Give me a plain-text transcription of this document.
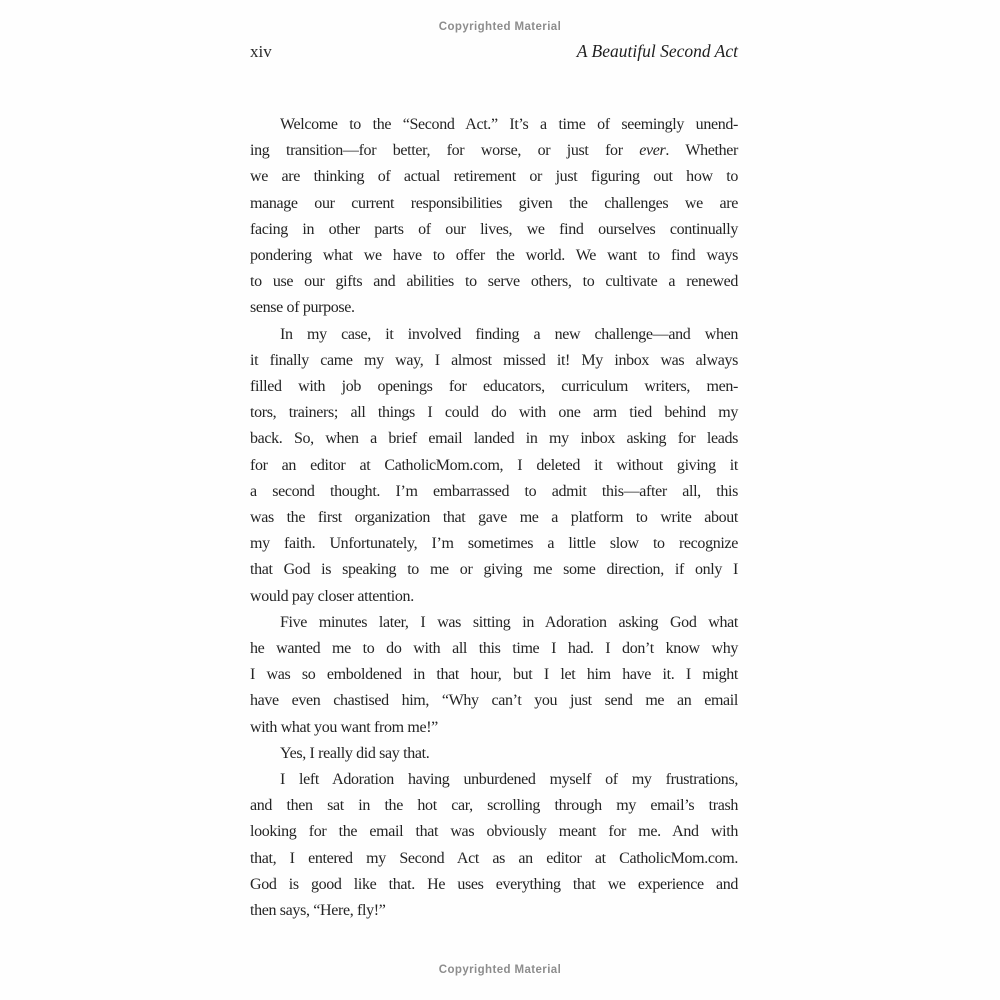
Copyrighted Material
xiv	A Beautiful Second Act
Welcome to the “Second Act.” It’s a time of seemingly unend-
ing transition—for better, for worse, or just for ever. Whether
we are thinking of actual retirement or just figuring out how to
manage our current responsibilities given the challenges we are
facing in other parts of our lives, we find ourselves continually
pondering what we have to offer the world. We want to find ways
to use our gifts and abilities to serve others, to cultivate a renewed
sense of purpose.
In my case, it involved finding a new challenge—and when
it finally came my way, I almost missed it! My inbox was always
filled with job openings for educators, curriculum writers, men-
tors, trainers; all things I could do with one arm tied behind my
back. So, when a brief email landed in my inbox asking for leads
for an editor at CatholicMom.com, I deleted it without giving it
a second thought. I’m embarrassed to admit this—after all, this
was the first organization that gave me a platform to write about
my faith. Unfortunately, I’m sometimes a little slow to recognize
that God is speaking to me or giving me some direction, if only I
would pay closer attention.
Five minutes later, I was sitting in Adoration asking God what
he wanted me to do with all this time I had. I don’t know why
I was so emboldened in that hour, but I let him have it. I might
have even chastised him, “Why can’t you just send me an email
with what you want from me!”
Yes, I really did say that.
I left Adoration having unburdened myself of my frustrations,
and then sat in the hot car, scrolling through my email’s trash
looking for the email that was obviously meant for me. And with
that, I entered my Second Act as an editor at CatholicMom.com.
God is good like that. He uses everything that we experience and
then says, “Here, fly!”
Copyrighted Material
